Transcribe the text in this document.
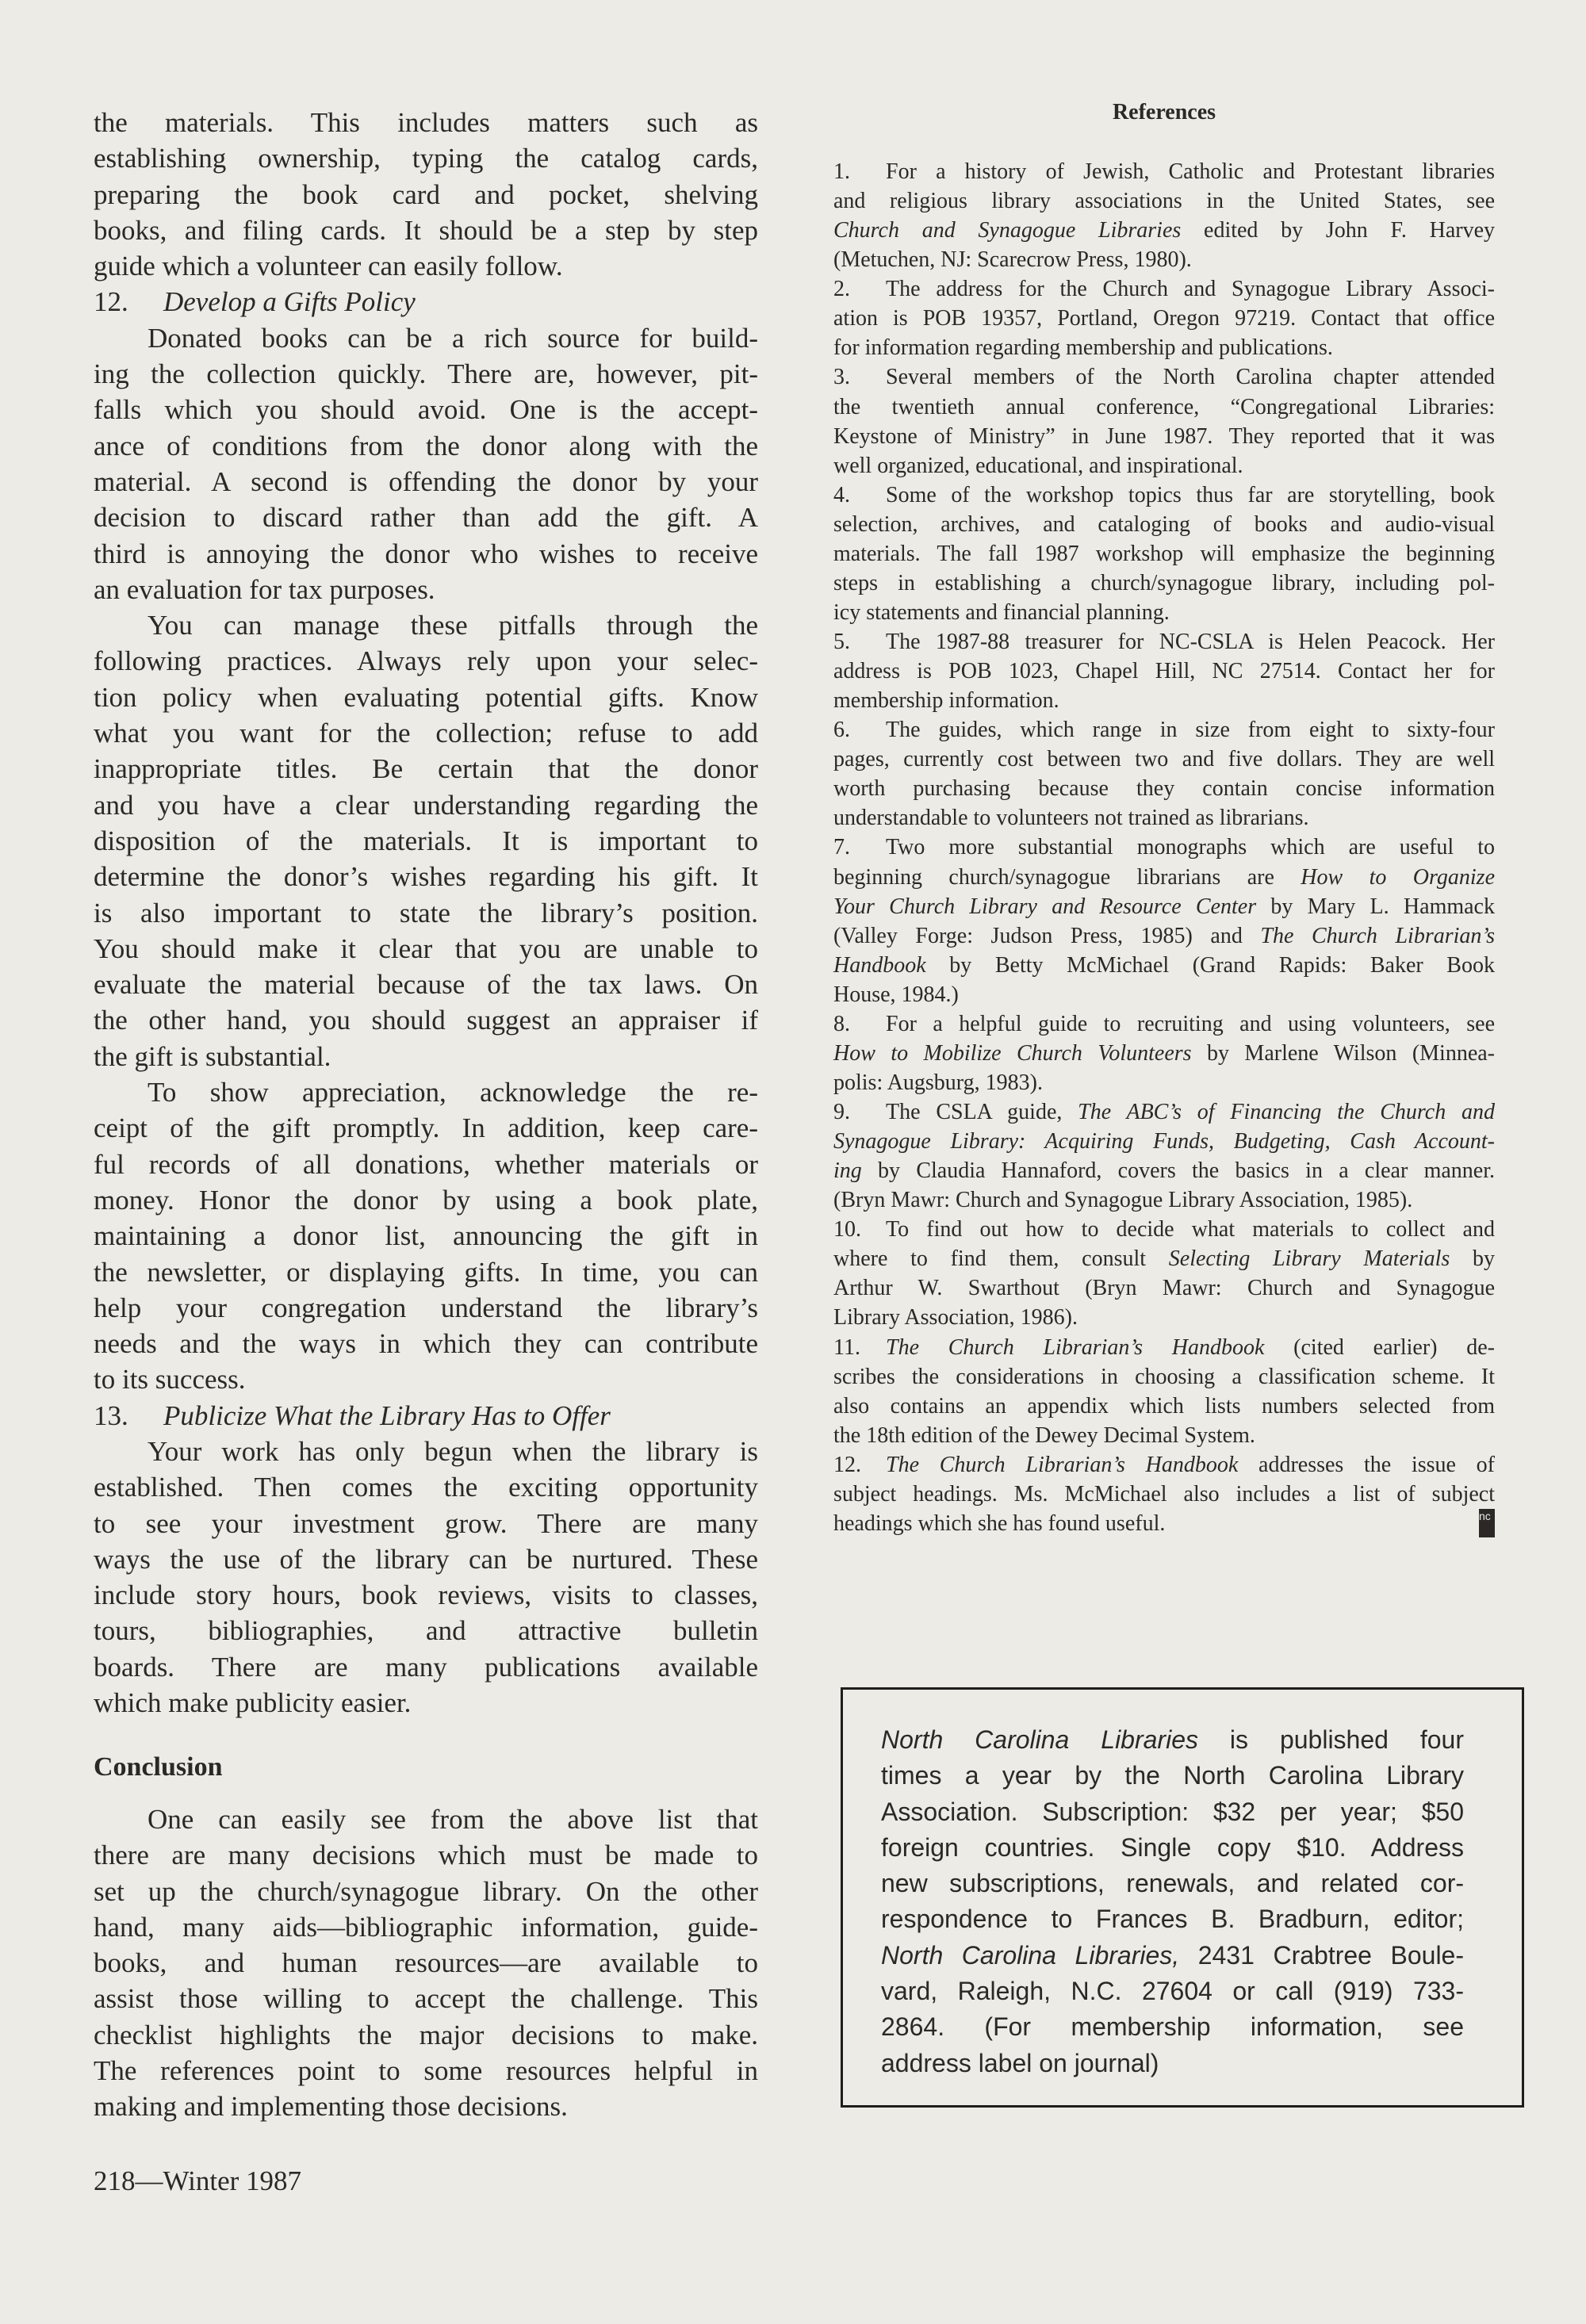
the materials. This includes matters such as
establishing ownership, typing the catalog cards,
preparing the book card and pocket, shelving
books, and filing cards. It should be a step by step
guide which a volunteer can easily follow.
12. Develop a Gifts Policy
Donated books can be a rich source for build-
ing the collection quickly. There are, however, pit-
falls which you should avoid. One is the accept-
ance of conditions from the donor along with the
material. A second is offending the donor by your
decision to discard rather than add the gift. A
third is annoying the donor who wishes to receive
an evaluation for tax purposes.
You can manage these pitfalls through the
following practices. Always rely upon your selec-
tion policy when evaluating potential gifts. Know
what you want for the collection; refuse to add
inappropriate titles. Be certain that the donor
and you have a clear understanding regarding the
disposition of the materials. It is important to
determine the donor’s wishes regarding his gift. It
is also important to state the library’s position.
You should make it clear that you are unable to
evaluate the material because of the tax laws. On
the other hand, you should suggest an appraiser if
the gift is substantial.
To show appreciation, acknowledge the re-
ceipt of the gift promptly. In addition, keep care-
ful records of all donations, whether materials or
money. Honor the donor by using a book plate,
maintaining a donor list, announcing the gift in
the newsletter, or displaying gifts. In time, you can
help your congregation understand the library’s
needs and the ways in which they can contribute
to its success.
13. Publicize What the Library Has to Offer
Your work has only begun when the library is
established. Then comes the exciting opportunity
to see your investment grow. There are many
ways the use of the library can be nurtured. These
include story hours, book reviews, visits to classes,
tours, bibliographies, and attractive bulletin
boards. There are many publications available
which make publicity easier.
Conclusion
One can easily see from the above list that
there are many decisions which must be made to
set up the church/synagogue library. On the other
hand, many aids—bibliographic information, guide-
books, and human resources—are available to
assist those willing to accept the challenge. This
checklist highlights the major decisions to make.
The references point to some resources helpful in
making and implementing those decisions.
References
1. For a history of Jewish, Catholic and Protestant libraries
and religious library associations in the United States, see
Church and Synagogue Libraries edited by John F. Harvey
(Metuchen, NJ: Scarecrow Press, 1980).
2. The address for the Church and Synagogue Library Associ-
ation is POB 19357, Portland, Oregon 97219. Contact that office
for information regarding membership and publications.
3. Several members of the North Carolina chapter attended
the twentieth annual conference, “Congregational Libraries:
Keystone of Ministry” in June 1987. They reported that it was
well organized, educational, and inspirational.
4. Some of the workshop topics thus far are storytelling, book
selection, archives, and cataloging of books and audio-visual
materials. The fall 1987 workshop will emphasize the beginning
steps in establishing a church/synagogue library, including pol-
icy statements and financial planning.
5. The 1987-88 treasurer for NC-CSLA is Helen Peacock. Her
address is POB 1023, Chapel Hill, NC 27514. Contact her for
membership information.
6. The guides, which range in size from eight to sixty-four
pages, currently cost between two and five dollars. They are well
worth purchasing because they contain concise information
understandable to volunteers not trained as librarians.
7. Two more substantial monographs which are useful to
beginning church/synagogue librarians are How to Organize
Your Church Library and Resource Center by Mary L. Hammack
(Valley Forge: Judson Press, 1985) and The Church Librarian’s
Handbook by Betty McMichael (Grand Rapids: Baker Book
House, 1984.)
8. For a helpful guide to recruiting and using volunteers, see
How to Mobilize Church Volunteers by Marlene Wilson (Minnea-
polis: Augsburg, 1983).
9. The CSLA guide, The ABC’s of Financing the Church and
Synagogue Library: Acquiring Funds, Budgeting, Cash Account-
ing by Claudia Hannaford, covers the basics in a clear manner.
(Bryn Mawr: Church and Synagogue Library Association, 1985).
10. To find out how to decide what materials to collect and
where to find them, consult Selecting Library Materials by
Arthur W. Swarthout (Bryn Mawr: Church and Synagogue
Library Association, 1986).
11. The Church Librarian’s Handbook (cited earlier) de-
scribes the considerations in choosing a classification scheme. It
also contains an appendix which lists numbers selected from
the 18th edition of the Dewey Decimal System.
12. The Church Librarian’s Handbook addresses the issue of
subject headings. Ms. McMichael also includes a list of subject
headings which she has found useful.	nc
North Carolina Libraries is published four
times a year by the North Carolina Library
Association. Subscription: $32 per year; $50
foreign countries. Single copy $10. Address
new subscriptions, renewals, and related cor-
respondence to Frances B. Bradburn, editor;
North Carolina Libraries, 2431 Crabtree Boule-
vard, Raleigh, N.C. 27604 or call (919) 733-
2864. (For membership information, see
address label on journal)
218—Winter 1987
